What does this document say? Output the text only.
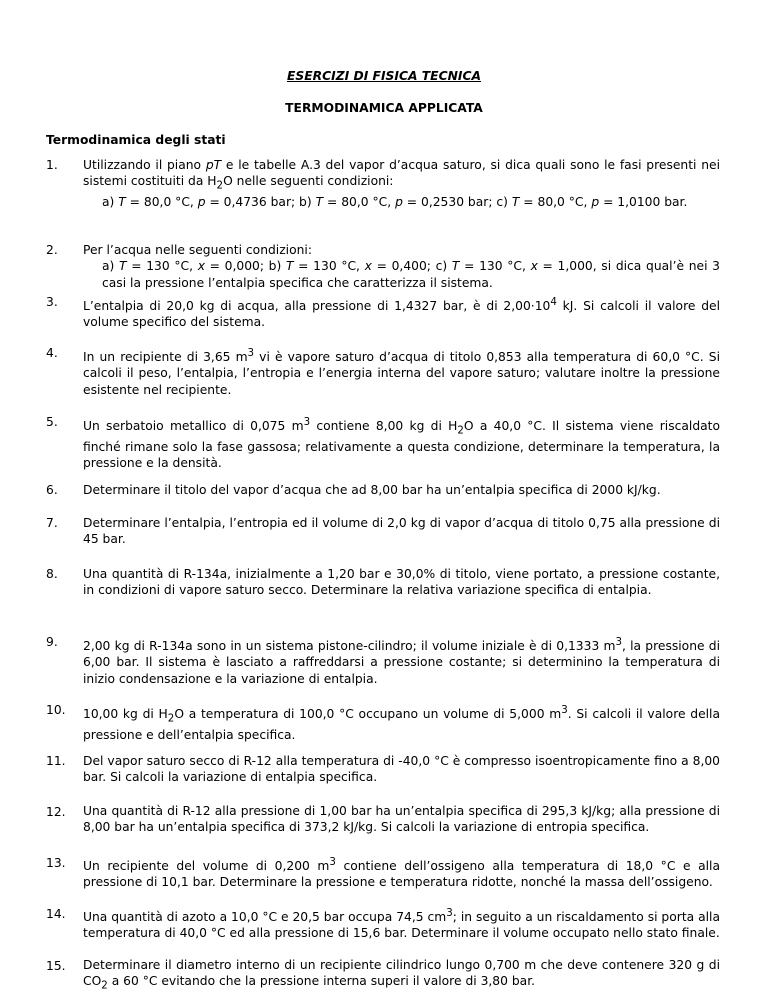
ESERCIZI DI FISICA TECNICA

TERMODINAMICA APPLICATA

Termodinamica degli stati

1. Utilizzando il piano pT e le tabelle A.3 del vapor d’acqua saturo, si dica quali sono le fasi presenti nei sistemi costituiti da $H_2O$ nelle seguenti condizioni:
a) T = 80,0 °C, p = 0,4736 bar; b) T = 80,0 °C, p = 0,2530 bar; c) T = 80,0 °C, p = 1,0100 bar.
2. Per l’acqua nelle seguenti condizioni:
a) T = 130 °C, x = 0,000; b) T = 130 °C, x = 0,400; c) T = 130 °C, x = 1,000, si dica qual’è nei 3 casi la pressione l’entalpia specifica che caratterizza il sistema.
3. L’entalpia di 20,0 kg di acqua, alla pressione di 1,4327 bar, è di $2,00\cdot 10^4$ kJ. Si calcoli il valore del volume specifico del sistema.
4. In un recipiente di 3,65 $m^3$ vi è vapore saturo d’acqua di titolo 0,853 alla temperatura di 60,0 °C. Si calcoli il peso, l’entalpia, l’entropia e l’energia interna del vapore saturo; valutare inoltre la pressione esistente nel recipiente.
5. Un serbatoio metallico di 0,075 $m^3$ contiene 8,00 kg di $H_2O$ a 40,0 °C. Il sistema viene riscaldato finché rimane solo la fase gassosa; relativamente a questa condizione, determinare la temperatura, la pressione e la densità.
6. Determinare il titolo del vapor d’acqua che ad 8,00 bar ha un’entalpia specifica di 2000 kJ/kg.
7. Determinare l’entalpia, l’entropia ed il volume di 2,0 kg di vapor d’acqua di titolo 0,75 alla pressione di 45 bar.
8. Una quantità di R-134a, inizialmente a 1,20 bar e 30,0% di titolo, viene portato, a pressione costante, in condizioni di vapore saturo secco. Determinare la relativa variazione specifica di entalpia.
9. 2,00 kg di R-134a sono in un sistema pistone-cilindro; il volume iniziale è di 0,1333 $m^3$, la pressione di 6,00 bar. Il sistema è lasciato a raffreddarsi a pressione costante; si determinino la temperatura di inizio condensazione e la variazione di entalpia.
10. 10,00 kg di $H_2O$ a temperatura di 100,0 °C occupano un volume di 5,000 $m^3$. Si calcoli il valore della pressione e dell’entalpia specifica.
11. Del vapor saturo secco di R-12 alla temperatura di -40,0 °C è compresso isoentropicamente fino a 8,00 bar. Si calcoli la variazione di entalpia specifica.
12. Una quantità di R-12 alla pressione di 1,00 bar ha un’entalpia specifica di 295,3 kJ/kg; alla pressione di 8,00 bar ha un’entalpia specifica di 373,2 kJ/kg. Si calcoli la variazione di entropia specifica.
13. Un recipiente del volume di 0,200 $m^3$ contiene dell’ossigeno alla temperatura di 18,0 °C e alla pressione di 10,1 bar. Determinare la pressione e temperatura ridotte, nonché la massa dell’ossigeno.
14. Una quantità di azoto a 10,0 °C e 20,5 bar occupa 74,5 $cm^3$; in seguito a un riscaldamento si porta alla temperatura di 40,0 °C ed alla pressione di 15,6 bar. Determinare il volume occupato nello stato finale.
15. Determinare il diametro interno di un recipiente cilindrico lungo 0,700 m che deve contenere 320 g di $CO_2$ a 60 °C evitando che la pressione interna superi il valore di 3,80 bar.
